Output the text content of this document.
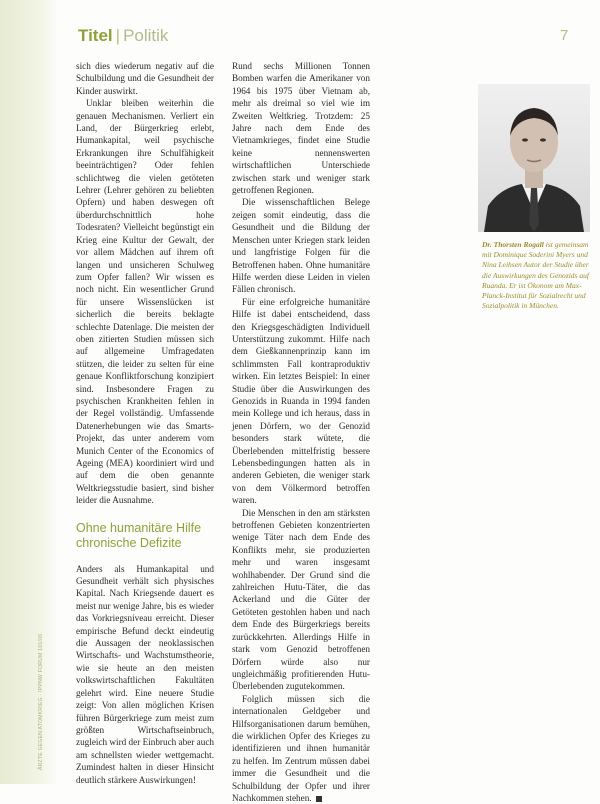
ÄRZTE GEGEN ATOMKRIEG · IPPNW FORUM 101/06
Titel | Politik	7

sich dies wiederum negativ auf die Schulbildung und die Gesundheit der Kinder auswirkt.

Unklar bleiben weiterhin die genauen Mechanismen. Verliert ein Land, der Bürgerkrieg erlebt, Humankapital, weil psychische Erkrankungen ihre Schulfähigkeit beeinträchtigen? Oder fehlen schlichtweg die vielen getöteten Lehrer (Lehrer gehören zu beliebten Opfern) und haben deswegen oft überdurchschnittlich hohe Todesraten? Vielleicht begünstigt ein Krieg eine Kultur der Gewalt, der vor allem Mädchen auf ihrem oft langen und unsicheren Schulweg zum Opfer fallen? Wir wissen es noch nicht. Ein wesentlicher Grund für unsere Wissenslücken ist sicherlich die bereits beklagte schlechte Datenlage. Die meisten der oben zitierten Studien müssen sich auf allgemeine Umfragedaten stützen, die leider zu selten für eine genaue Konfliktforschung konzipiert sind. Insbesondere Fragen zu psychischen Krankheiten fehlen in der Regel vollständig. Umfassende Datenerhebungen wie das Smarts-Projekt, das unter anderem vom Munich Center of the Economics of Ageing (MEA) koordiniert wird und auf dem die oben genannte Weltkriegsstudie basiert, sind bisher leider die Ausnahme.

Ohne humanitäre Hilfe chronische Defizite

Anders als Humankapital und Gesundheit verhält sich physisches Kapital. Nach Kriegsende dauert es meist nur wenige Jahre, bis es wieder das Vorkriegsniveau erreicht. Dieser empirische Befund deckt eindeutig die Aussagen der neoklassischen Wirtschafts- und Wachstumstheorie, wie sie heute an den meisten volkswirtschaftlichen Fakultäten gelehrt wird. Eine neuere Studie zeigt: Von allen möglichen Krisen führen Bürgerkriege zum meist zum größten Wirtschaftseinbruch, zugleich wird der Einbruch aber auch am schnellsten wieder wettgemacht. Zumindest halten in dieser Hinsicht deutlich stärkere Auswirkungen!

Rund sechs Millionen Tonnen Bomben warfen die Amerikaner von 1964 bis 1975 über Vietnam ab, mehr als dreimal so viel wie im Zweiten Weltkrieg. Trotzdem: 25 Jahre nach dem Ende des Vietnamkrieges, findet eine Studie keine nennenswerten wirtschaftlichen Unterschiede zwischen stark und weniger stark getroffenen Regionen.

Die wissenschaftlichen Belege zeigen somit eindeutig, dass die Gesundheit und die Bildung der Menschen unter Kriegen stark leiden und langfristige Folgen für die Betroffenen haben. Ohne humanitäre Hilfe werden diese Leiden in vielen Fällen chronisch.

Für eine erfolgreiche humanitäre Hilfe ist dabei entscheidend, dass den Kriegsgeschädigten Individuell Unterstützung zukommt. Hilfe nach dem Gießkannenprinzip kann im schlimmsten Fall kontraproduktiv wirken. Ein letztes Beispiel: In einer Studie über die Auswirkungen des Genozids in Ruanda in 1994 fanden mein Kollege und ich heraus, dass in jenen Dörfern, wo der Genozid besonders stark wütete, die Überlebenden mittelfristig bessere Lebensbedingungen hatten als in anderen Gebieten, die weniger stark von dem Völkermord betroffen waren.

Die Menschen in den am stärksten betroffenen Gebieten konzentrierten wenige Täter nach dem Ende des Konflikts mehr, sie produzierten mehr und waren insgesamt wohlhabender. Der Grund sind die zahlreichen Hutu-Täter, die das Ackerland und die Güter der Getöteten gestohlen haben und nach dem Ende des Bürgerkriegs bereits zurückkehrten. Allerdings Hilfe in stark vom Genozid betroffenen Dörfern würde also nur ungleichmäßig profitierenden Hutu-Überlebenden zugutekommen.

Folglich müssen sich die internationalen Geldgeber und Hilfsorganisationen darum bemühen, die wirklichen Opfer des Krieges zu identifizieren und ihnen humanitär zu helfen. Im Zentrum müssen dabei immer die Gesundheit und die Schulbildung der Opfer und ihrer Nachkommen stehen.

Dr. Thorsten Rogall ist gemeinsam mit Dominique Soderini Myers und Nina Leihsen Autor der Studie über die Auswirkungen des Genozids auf Ruanda. Er ist Ökonom am Max-Planck-Institut für Sozialrecht und Sozialpolitik in München.
